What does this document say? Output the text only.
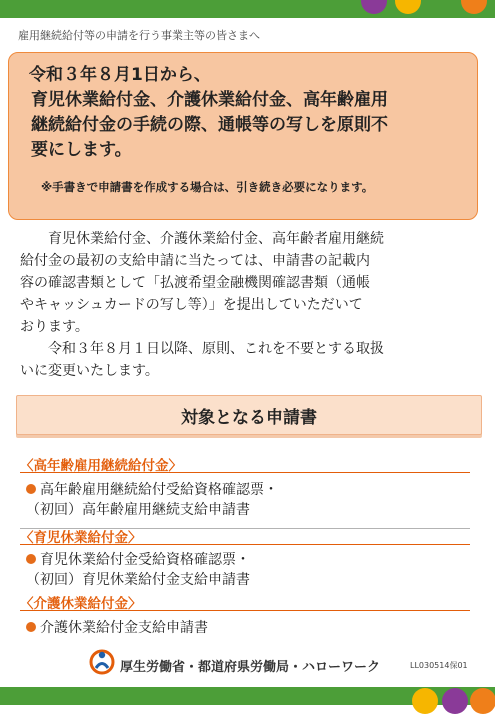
雇用継続給付等の申請を行う事業主等の皆さまへ
令和３年８月1日から、
育児休業給付金、介護休業給付金、高年齢雇用
継続給付金の手続の際、通帳等の写しを原則不
要にします。
※手書きで申請書を作成する場合は、引き続き必要になります。

育児休業給付金、介護休業給付金、高年齢者雇用継続
給付金の最初の支給申請に当たっては、申請書の記載内
容の確認書類として「払渡希望金融機関確認書類（通帳
やキャッシュカードの写し等）」を提出していただいて
おります。

令和３年８月１日以降、原則、これを不要とする取扱
いに変更いたします。

対象となる申請書
〈高年齢雇用継続給付金〉
高年齢雇用継続給付受給資格確認票・
（初回）高年齢雇用継続支給申請書
〈育児休業給付金〉
育児休業給付金受給資格確認票・
（初回）育児休業給付金支給申請書
〈介護休業給付金〉
介護休業給付金支給申請書
厚生労働省・都道府県労働局・ハローワーク	LL030514保01
